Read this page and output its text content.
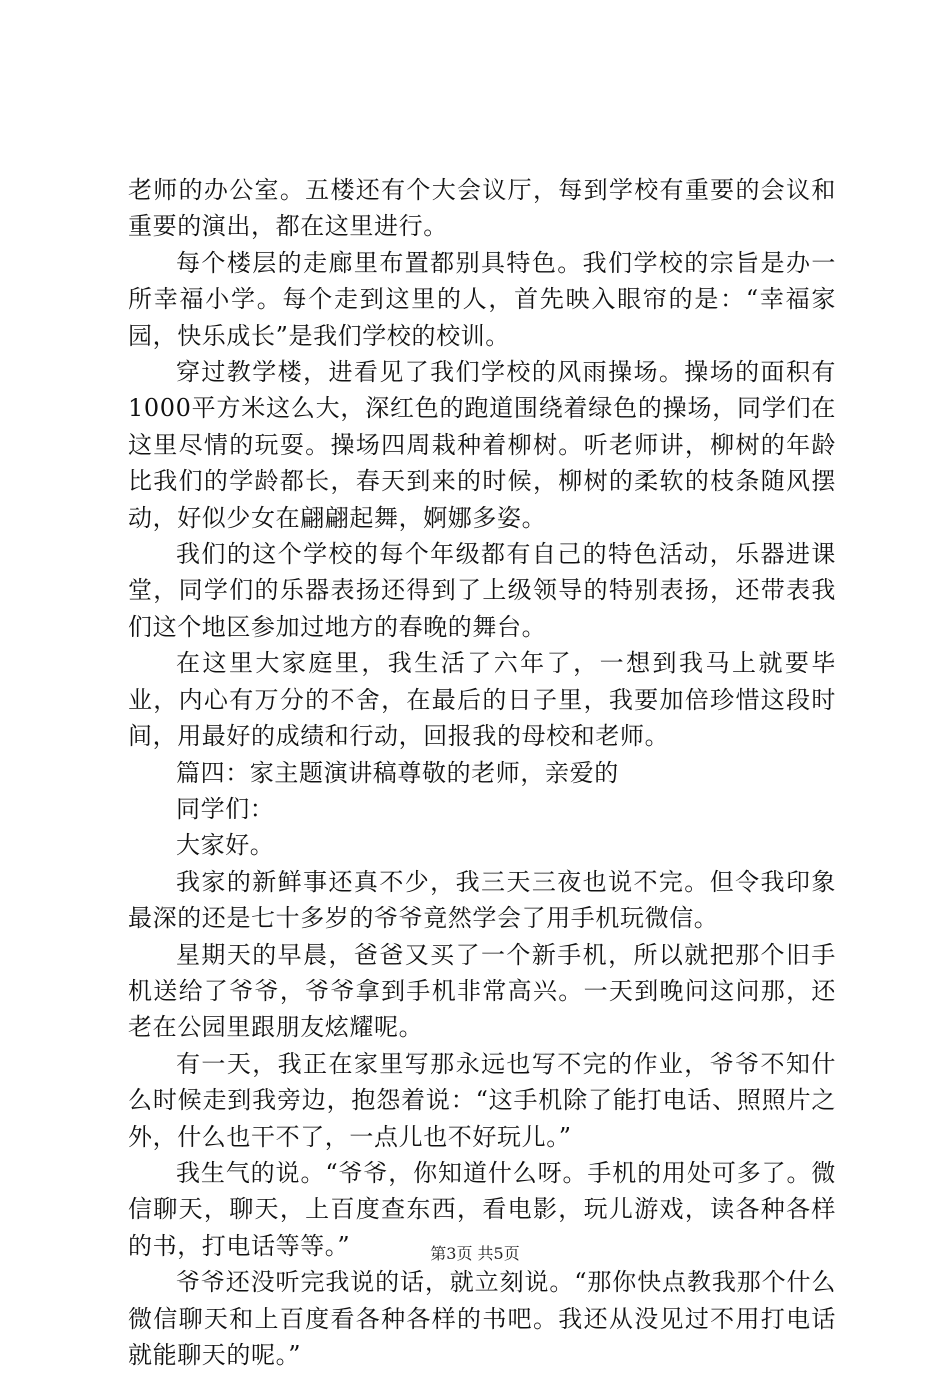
老师的办公室。五楼还有个大会议厅，每到学校有重要的会议和重要的演出，都在这里进行。

每个楼层的走廊里布置都别具特色。我们学校的宗旨是办一所幸福小学。每个走到这里的人，首先映入眼帘的是：“幸福家园，快乐成长”是我们学校的校训。

穿过教学楼，进看见了我们学校的风雨操场。操场的面积有1000平方米这么大，深红色的跑道围绕着绿色的操场，同学们在这里尽情的玩耍。操场四周栽种着柳树。听老师讲，柳树的年龄比我们的学龄都长，春天到来的时候，柳树的柔软的枝条随风摆动，好似少女在翩翩起舞，婀娜多姿。

我们的这个学校的每个年级都有自己的特色活动，乐器进课堂，同学们的乐器表扬还得到了上级领导的特别表扬，还带表我们这个地区参加过地方的春晚的舞台。

在这里大家庭里，我生活了六年了，一想到我马上就要毕业，内心有万分的不舍，在最后的日子里，我要加倍珍惜这段时间，用最好的成绩和行动，回报我的母校和老师。

篇四：家主题演讲稿尊敬的老师，亲爱的

同学们：

大家好。

我家的新鲜事还真不少，我三天三夜也说不完。但令我印象最深的还是七十多岁的爷爷竟然学会了用手机玩微信。

星期天的早晨，爸爸又买了一个新手机，所以就把那个旧手机送给了爷爷，爷爷拿到手机非常高兴。一天到晚问这问那，还老在公园里跟朋友炫耀呢。

有一天，我正在家里写那永远也写不完的作业，爷爷不知什么时候走到我旁边，抱怨着说：“这手机除了能打电话、照照片之外，什么也干不了，一点儿也不好玩儿。”

我生气的说。“爷爷，你知道什么呀。手机的用处可多了。微信聊天，聊天，上百度查东西，看电影，玩儿游戏，读各种各样的书，打电话等等。”

爷爷还没听完我说的话，就立刻说。“那你快点教我那个什么微信聊天和上百度看各种各样的书吧。我还从没见过不用打电话就能聊天的呢。”

第3页 共5页
